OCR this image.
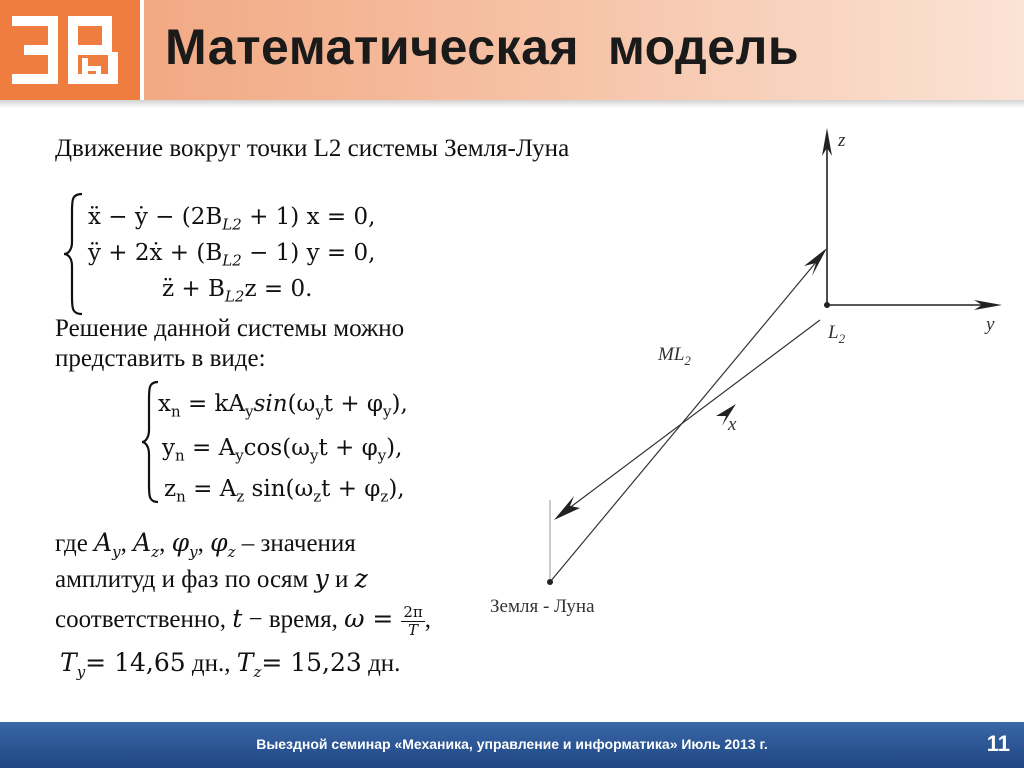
Математическая  модель
Движение вокруг точки L2 системы Земля-Луна
ẍ − ẏ − $(2B_{L2} + 1) x = 0$,
ÿ + 2ẋ + $(B_{L2} - 1) y = 0$,
z̈ + $B_{L2}z = 0$.
Решение данной системы можно
представить в виде:
$x_n = kA_y\sin(\omega_yt + \varphi_y)$,
$y_n = A_y\cos(\omega_yt + \varphi_y)$,
$z_n = A_z$ $\sin(\omega_zt + \varphi_z)$,
где $A_y$, $A_z$, $\varphi_y$, $\varphi_z$ – значения
амплитуд и фаз по осям y и z
соответственно, t − время, $\omega = \frac{2\pi}{T}$ ,
$T_y= 14,65$ дн., $T_z= 15,23$ дн.
z
y
$L_2$
$ML_2$
x
Земля - Луна
Выездной семинар «Механика, управление и информатика» Июль 2013 г.	11
